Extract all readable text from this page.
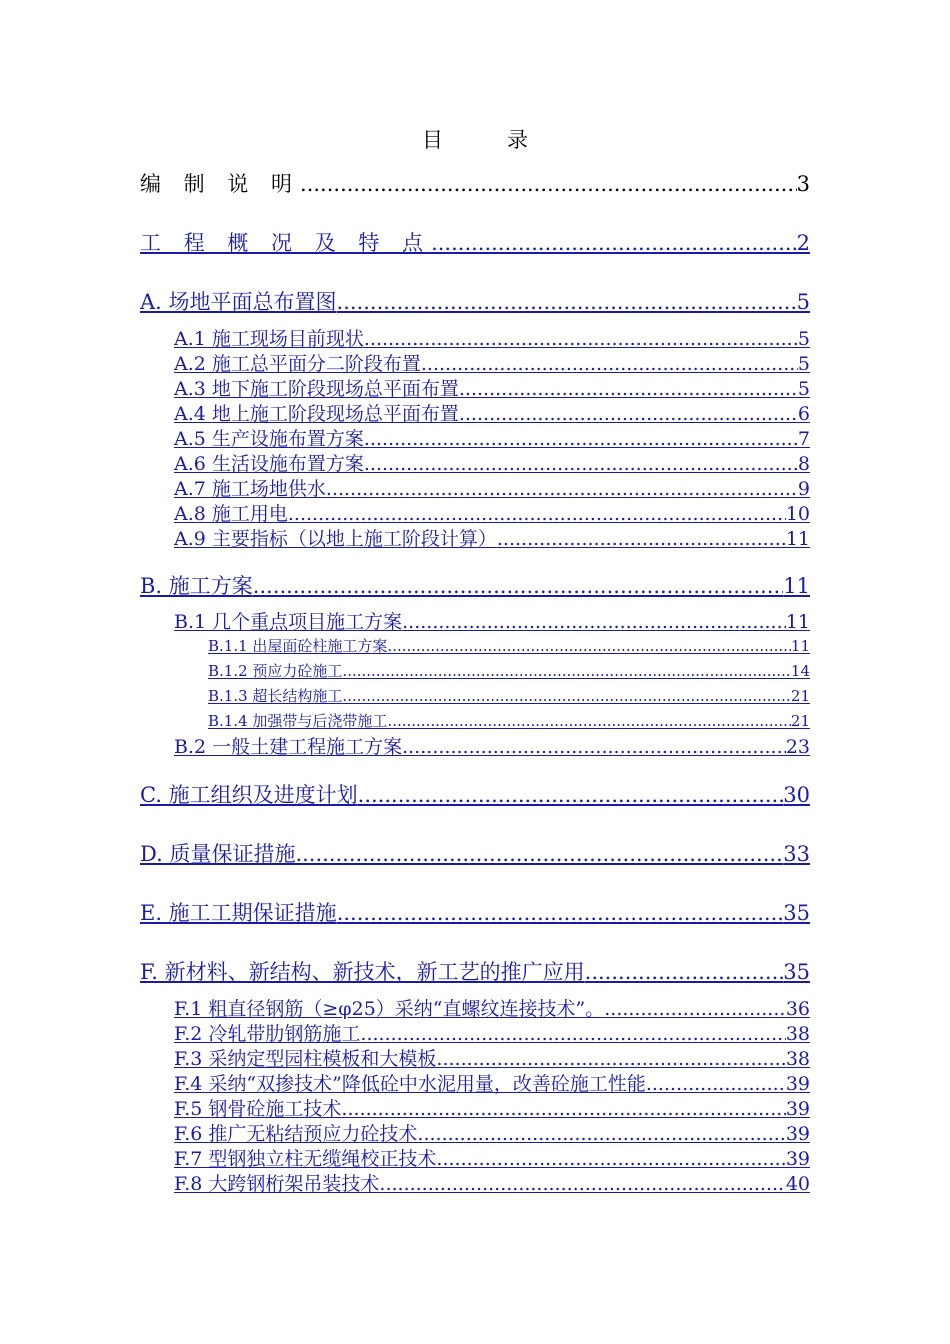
目	录
编 制 说 明 .....	3
工 程 概 况 及 特 点 .....	2
A. 场地平面总布置图 .....	5
A.1 施工现场目前现状 .....	5
A.2 施工总平面分二阶段布置 .....	5
A.3 地下施工阶段现场总平面布置 .....	5
A.4 地上施工阶段现场总平面布置 .....	6
A.5 生产设施布置方案 .....	7
A.6 生活设施布置方案 .....	8
A.7 施工场地供水 .....	9
A.8 施工用电 .....	10
A.9 主要指标（以地上施工阶段计算） .....	11
B. 施工方案 .....	11
B.1 几个重点项目施工方案 .....	11
B.1.1 出屋面砼柱施工方案 .....	11
B.1.2 预应力砼施工 .....	14
B.1.3 超长结构施工 .....	21
B.1.4 加强带与后浇带施工 .....	21
B.2 一般土建工程施工方案 .....	23
C. 施工组织及进度计划 .....	30
D. 质量保证措施 .....	33
E. 施工工期保证措施 .....	35
F. 新材料、新结构、新技术，新工艺的推广应用 .....	35
F.1 粗直径钢筋（≥φ25）采纳“直螺纹连接技术”。 .....	36
F.2 冷轧带肋钢筋施工 .....	38
F.3 采纳定型园柱模板和大模板 .....	38
F.4 采纳“双掺技术”降低砼中水泥用量，改善砼施工性能 .....	39
F.5 钢骨砼施工技术 .....	39
F.6 推广无粘结预应力砼技术 .....	39
F.7 型钢独立柱无缆绳校正技术 .....	39
F.8 大跨钢桁架吊装技术 .....	40
